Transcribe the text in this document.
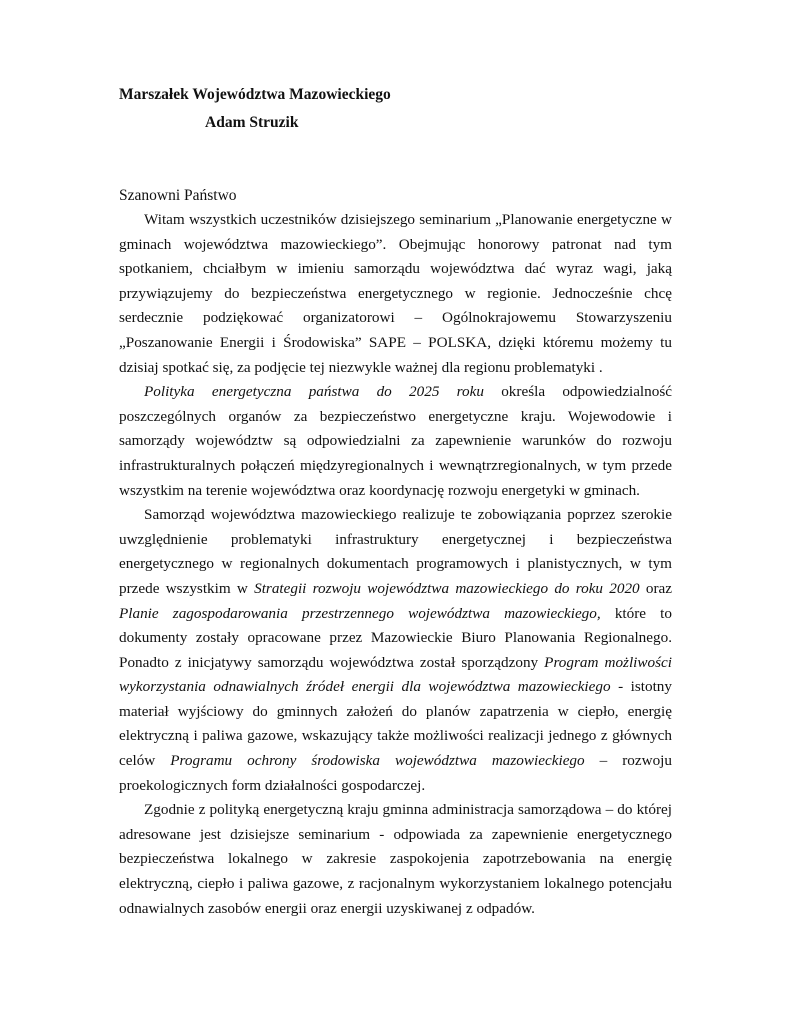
Marszałek Województwa Mazowieckiego
Adam Struzik
Szanowni Państwo

Witam wszystkich uczestników dzisiejszego seminarium „Planowanie energetyczne w gminach województwa mazowieckiego”. Obejmując honorowy patronat nad tym spotkaniem, chciałbym w imieniu samorządu województwa dać wyraz wagi, jaką przywiązujemy do bezpieczeństwa energetycznego w regionie. Jednocześnie chcę serdecznie podziękować organizatorowi – Ogólnokrajowemu Stowarzyszeniu „Poszanowanie Energii i Środowiska” SAPE – POLSKA, dzięki któremu możemy tu dzisiaj spotkać się, za podjęcie tej niezwykle ważnej dla regionu problematyki .

Polityka energetyczna państwa do 2025 roku określa odpowiedzialność poszczególnych organów za bezpieczeństwo energetyczne kraju. Wojewodowie i samorządy województw są odpowiedzialni za zapewnienie warunków do rozwoju infrastrukturalnych połączeń międzyregionalnych i wewnątrzregionalnych, w tym przede wszystkim na terenie województwa oraz koordynację rozwoju energetyki w gminach.

Samorząd województwa mazowieckiego realizuje te zobowiązania poprzez szerokie uwzględnienie problematyki infrastruktury energetycznej i bezpieczeństwa energetycznego w regionalnych dokumentach programowych i planistycznych, w tym przede wszystkim w Strategii rozwoju województwa mazowieckiego do roku 2020 oraz Planie zagospodarowania przestrzennego województwa mazowieckiego, które to dokumenty zostały opracowane przez Mazowieckie Biuro Planowania Regionalnego. Ponadto z inicjatywy samorządu województwa został sporządzony Program możliwości wykorzystania odnawialnych źródeł energii dla województwa mazowieckiego - istotny materiał wyjściowy do gminnych założeń do planów zapatrzenia w ciepło, energię elektryczną i paliwa gazowe, wskazujący także możliwości realizacji jednego z głównych celów Programu ochrony środowiska województwa mazowieckiego – rozwoju proekologicznych form działalności gospodarczej.

Zgodnie z polityką energetyczną kraju gminna administracja samorządowa – do której adresowane jest dzisiejsze seminarium - odpowiada za zapewnienie energetycznego bezpieczeństwa lokalnego w zakresie zaspokojenia zapotrzebowania na energię elektryczną, ciepło i paliwa gazowe, z racjonalnym wykorzystaniem lokalnego potencjału odnawialnych zasobów energii oraz energii uzyskiwanej z odpadów.
